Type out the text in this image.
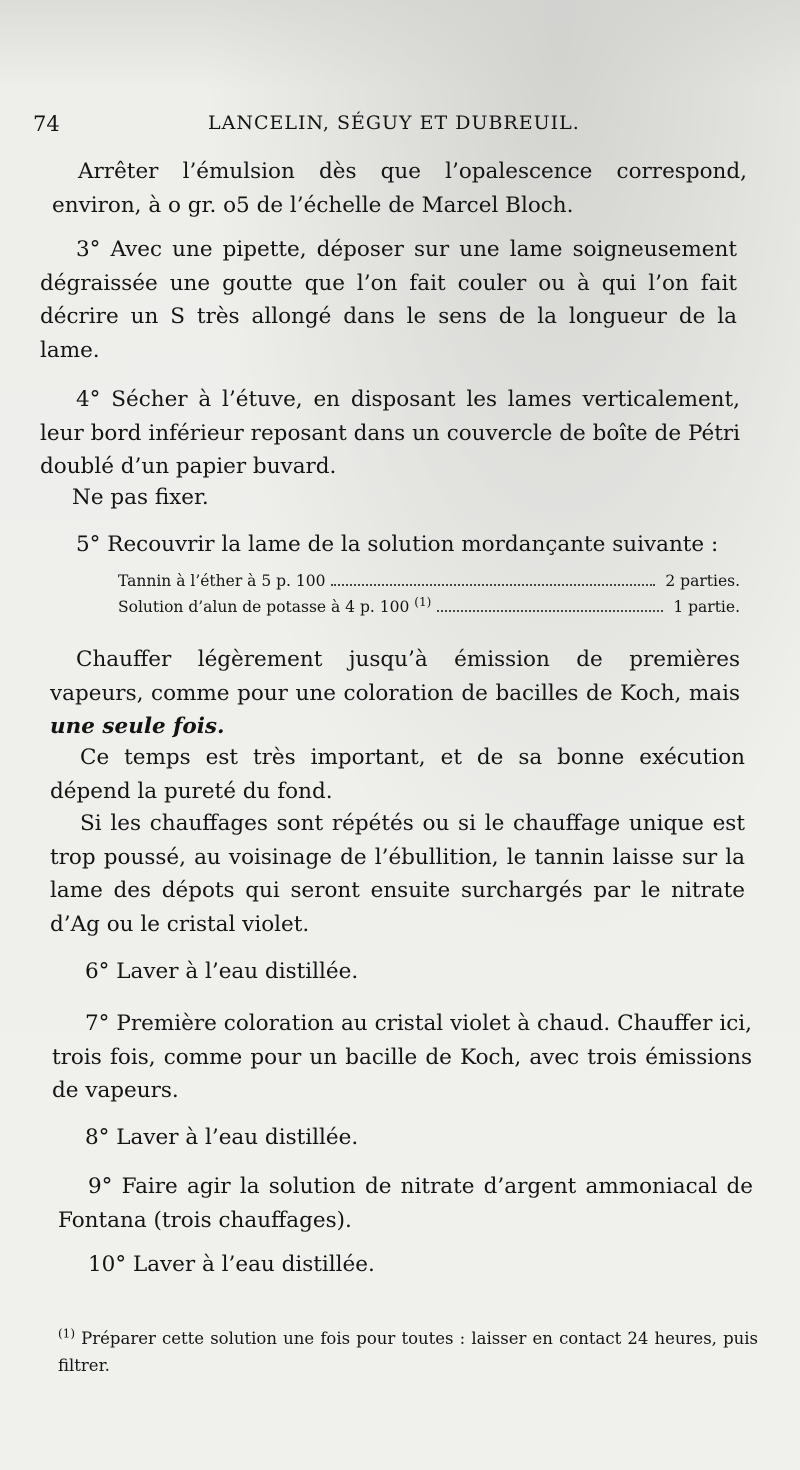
74	LANCELIN, SÉGUY ET DUBREUIL.

Arrêter l’émulsion dès que l’opalescence correspond, environ, à o gr. o5 de l’échelle de Marcel Bloch.

3° Avec une pipette, déposer sur une lame soigneusement dégraissée une goutte que l’on fait couler ou à qui l’on fait décrire un S très allongé dans le sens de la longueur de la lame.

4° Sécher à l’étuve, en disposant les lames verticalement, leur bord inférieur reposant dans un couvercle de boîte de Pétri doublé d’un papier buvard.

Ne pas fixer.

5° Recouvrir la lame de la solution mordançante suivante :

Tannin à l’éther à 5 p. 100	2 parties.
Solution d’alun de potasse à 4 p. 100 $^{(1)}$	1 partie.

Chauffer légèrement jusqu’à émission de premières vapeurs, comme pour une coloration de bacilles de Koch, mais une seule fois.

Ce temps est très important, et de sa bonne exécution dépend la pureté du fond.

Si les chauffages sont répétés ou si le chauffage unique est trop poussé, au voisinage de l’ébullition, le tannin laisse sur la lame des dépots qui seront ensuite surchargés par le nitrate d’Ag ou le cristal violet.

6° Laver à l’eau distillée.

7° Première coloration au cristal violet à chaud. Chauffer ici, trois fois, comme pour un bacille de Koch, avec trois émissions de vapeurs.

8° Laver à l’eau distillée.

9° Faire agir la solution de nitrate d’argent ammoniacal de Fontana (trois chauffages).

10° Laver à l’eau distillée.

$^{(1)}$ Préparer cette solution une fois pour toutes : laisser en contact 24 heures, puis filtrer.
